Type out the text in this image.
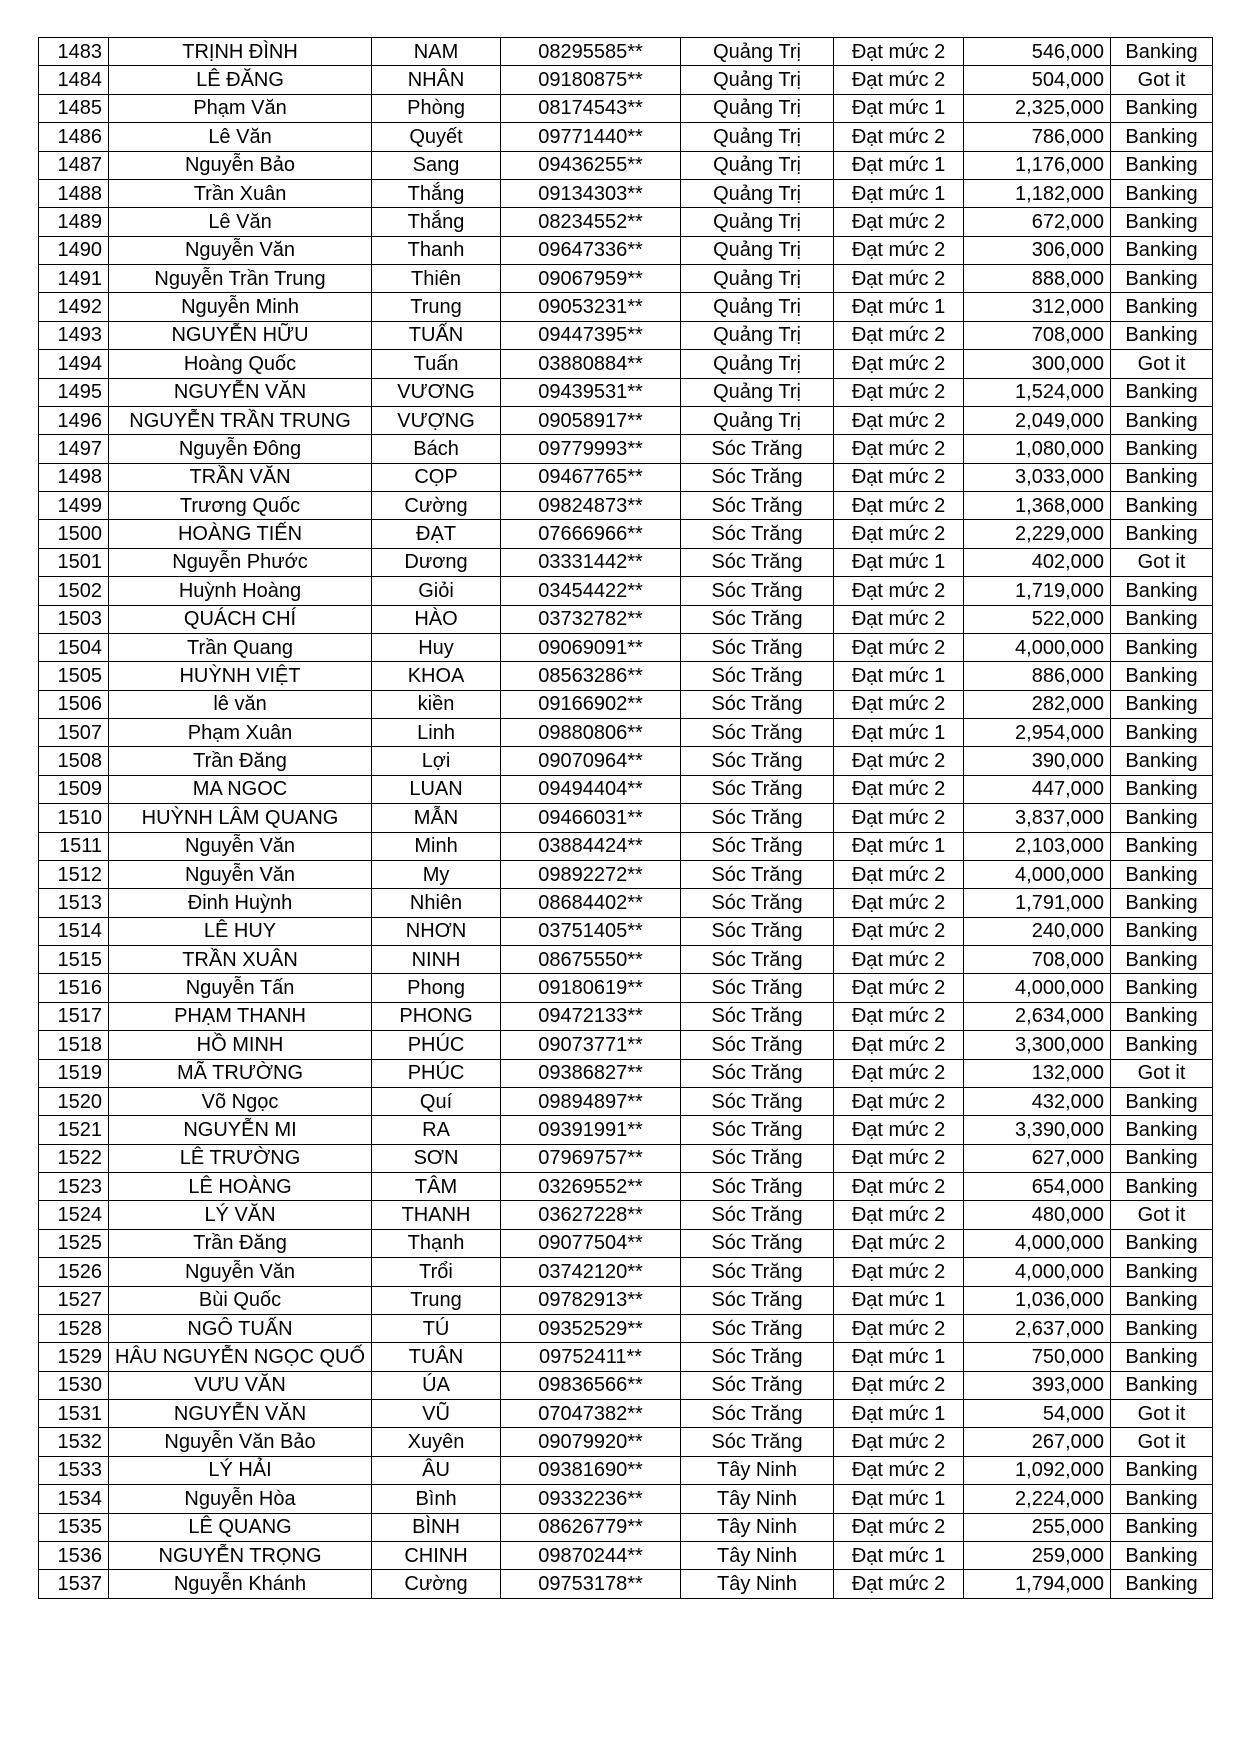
1483	TRỊNH ĐÌNH	NAM	08295585**	Quảng Trị	Đạt mức 2	546,000	Banking
1484	LÊ ĐĂNG	NHÂN	09180875**	Quảng Trị	Đạt mức 2	504,000	Got it
1485	Phạm Văn	Phòng	08174543**	Quảng Trị	Đạt mức 1	2,325,000	Banking
1486	Lê Văn	Quyết	09771440**	Quảng Trị	Đạt mức 2	786,000	Banking
1487	Nguyễn Bảo	Sang	09436255**	Quảng Trị	Đạt mức 1	1,176,000	Banking
1488	Trần Xuân	Thắng	09134303**	Quảng Trị	Đạt mức 1	1,182,000	Banking
1489	Lê Văn	Thắng	08234552**	Quảng Trị	Đạt mức 2	672,000	Banking
1490	Nguyễn Văn	Thanh	09647336**	Quảng Trị	Đạt mức 2	306,000	Banking
1491	Nguyễn Trần Trung	Thiên	09067959**	Quảng Trị	Đạt mức 2	888,000	Banking
1492	Nguyễn Minh	Trung	09053231**	Quảng Trị	Đạt mức 1	312,000	Banking
1493	NGUYỄN HỮU	TUẤN	09447395**	Quảng Trị	Đạt mức 2	708,000	Banking
1494	Hoàng Quốc	Tuấn	03880884**	Quảng Trị	Đạt mức 2	300,000	Got it
1495	NGUYỄN VĂN	VƯƠNG	09439531**	Quảng Trị	Đạt mức 2	1,524,000	Banking
1496	NGUYỄN TRẦN TRUNG	VƯỢNG	09058917**	Quảng Trị	Đạt mức 2	2,049,000	Banking
1497	Nguyễn Đông	Bách	09779993**	Sóc Trăng	Đạt mức 2	1,080,000	Banking
1498	TRẦN VĂN	CỌP	09467765**	Sóc Trăng	Đạt mức 2	3,033,000	Banking
1499	Trương Quốc	Cường	09824873**	Sóc Trăng	Đạt mức 2	1,368,000	Banking
1500	HOÀNG TIẾN	ĐẠT	07666966**	Sóc Trăng	Đạt mức 2	2,229,000	Banking
1501	Nguyễn Phước	Dương	03331442**	Sóc Trăng	Đạt mức 1	402,000	Got it
1502	Huỳnh Hoàng	Giỏi	03454422**	Sóc Trăng	Đạt mức 2	1,719,000	Banking
1503	QUÁCH CHÍ	HÀO	03732782**	Sóc Trăng	Đạt mức 2	522,000	Banking
1504	Trần Quang	Huy	09069091**	Sóc Trăng	Đạt mức 2	4,000,000	Banking
1505	HUỲNH VIỆT	KHOA	08563286**	Sóc Trăng	Đạt mức 1	886,000	Banking
1506	lê văn	kiền	09166902**	Sóc Trăng	Đạt mức 2	282,000	Banking
1507	Phạm Xuân	Linh	09880806**	Sóc Trăng	Đạt mức 1	2,954,000	Banking
1508	Trần Đăng	Lợi	09070964**	Sóc Trăng	Đạt mức 2	390,000	Banking
1509	MA NGOC	LUAN	09494404**	Sóc Trăng	Đạt mức 2	447,000	Banking
1510	HUỲNH LÂM QUANG	MẪN	09466031**	Sóc Trăng	Đạt mức 2	3,837,000	Banking
1511	Nguyễn Văn	Minh	03884424**	Sóc Trăng	Đạt mức 1	2,103,000	Banking
1512	Nguyễn Văn	My	09892272**	Sóc Trăng	Đạt mức 2	4,000,000	Banking
1513	Đinh Huỳnh	Nhiên	08684402**	Sóc Trăng	Đạt mức 2	1,791,000	Banking
1514	LÊ HUY	NHƠN	03751405**	Sóc Trăng	Đạt mức 2	240,000	Banking
1515	TRẦN XUÂN	NINH	08675550**	Sóc Trăng	Đạt mức 2	708,000	Banking
1516	Nguyễn Tấn	Phong	09180619**	Sóc Trăng	Đạt mức 2	4,000,000	Banking
1517	PHẠM THANH	PHONG	09472133**	Sóc Trăng	Đạt mức 2	2,634,000	Banking
1518	HỒ MINH	PHÚC	09073771**	Sóc Trăng	Đạt mức 2	3,300,000	Banking
1519	MÃ TRƯỜNG	PHÚC	09386827**	Sóc Trăng	Đạt mức 2	132,000	Got it
1520	Võ Ngọc	Quí	09894897**	Sóc Trăng	Đạt mức 2	432,000	Banking
1521	NGUYỄN MI	RA	09391991**	Sóc Trăng	Đạt mức 2	3,390,000	Banking
1522	LÊ TRƯỜNG	SƠN	07969757**	Sóc Trăng	Đạt mức 2	627,000	Banking
1523	LÊ HOÀNG	TÂM	03269552**	Sóc Trăng	Đạt mức 2	654,000	Banking
1524	LÝ VĂN	THANH	03627228**	Sóc Trăng	Đạt mức 2	480,000	Got it
1525	Trần Đăng	Thạnh	09077504**	Sóc Trăng	Đạt mức 2	4,000,000	Banking
1526	Nguyễn Văn	Trổi	03742120**	Sóc Trăng	Đạt mức 2	4,000,000	Banking
1527	Bùi Quốc	Trung	09782913**	Sóc Trăng	Đạt mức 1	1,036,000	Banking
1528	NGÔ TUẤN	TÚ	09352529**	Sóc Trăng	Đạt mức 2	2,637,000	Banking
1529	HÂU NGUYỄN NGỌC QUỐ	TUÂN	09752411**	Sóc Trăng	Đạt mức 1	750,000	Banking
1530	VƯU VĂN	ÚA	09836566**	Sóc Trăng	Đạt mức 2	393,000	Banking
1531	NGUYỄN VĂN	VŨ	07047382**	Sóc Trăng	Đạt mức 1	54,000	Got it
1532	Nguyễn Văn Bảo	Xuyên	09079920**	Sóc Trăng	Đạt mức 2	267,000	Got it
1533	LÝ HẢI	ÂU	09381690**	Tây Ninh	Đạt mức 2	1,092,000	Banking
1534	Nguyễn Hòa	Bình	09332236**	Tây Ninh	Đạt mức 1	2,224,000	Banking
1535	LÊ QUANG	BÌNH	08626779**	Tây Ninh	Đạt mức 2	255,000	Banking
1536	NGUYỄN TRỌNG	CHINH	09870244**	Tây Ninh	Đạt mức 1	259,000	Banking
1537	Nguyễn Khánh	Cường	09753178**	Tây Ninh	Đạt mức 2	1,794,000	Banking
